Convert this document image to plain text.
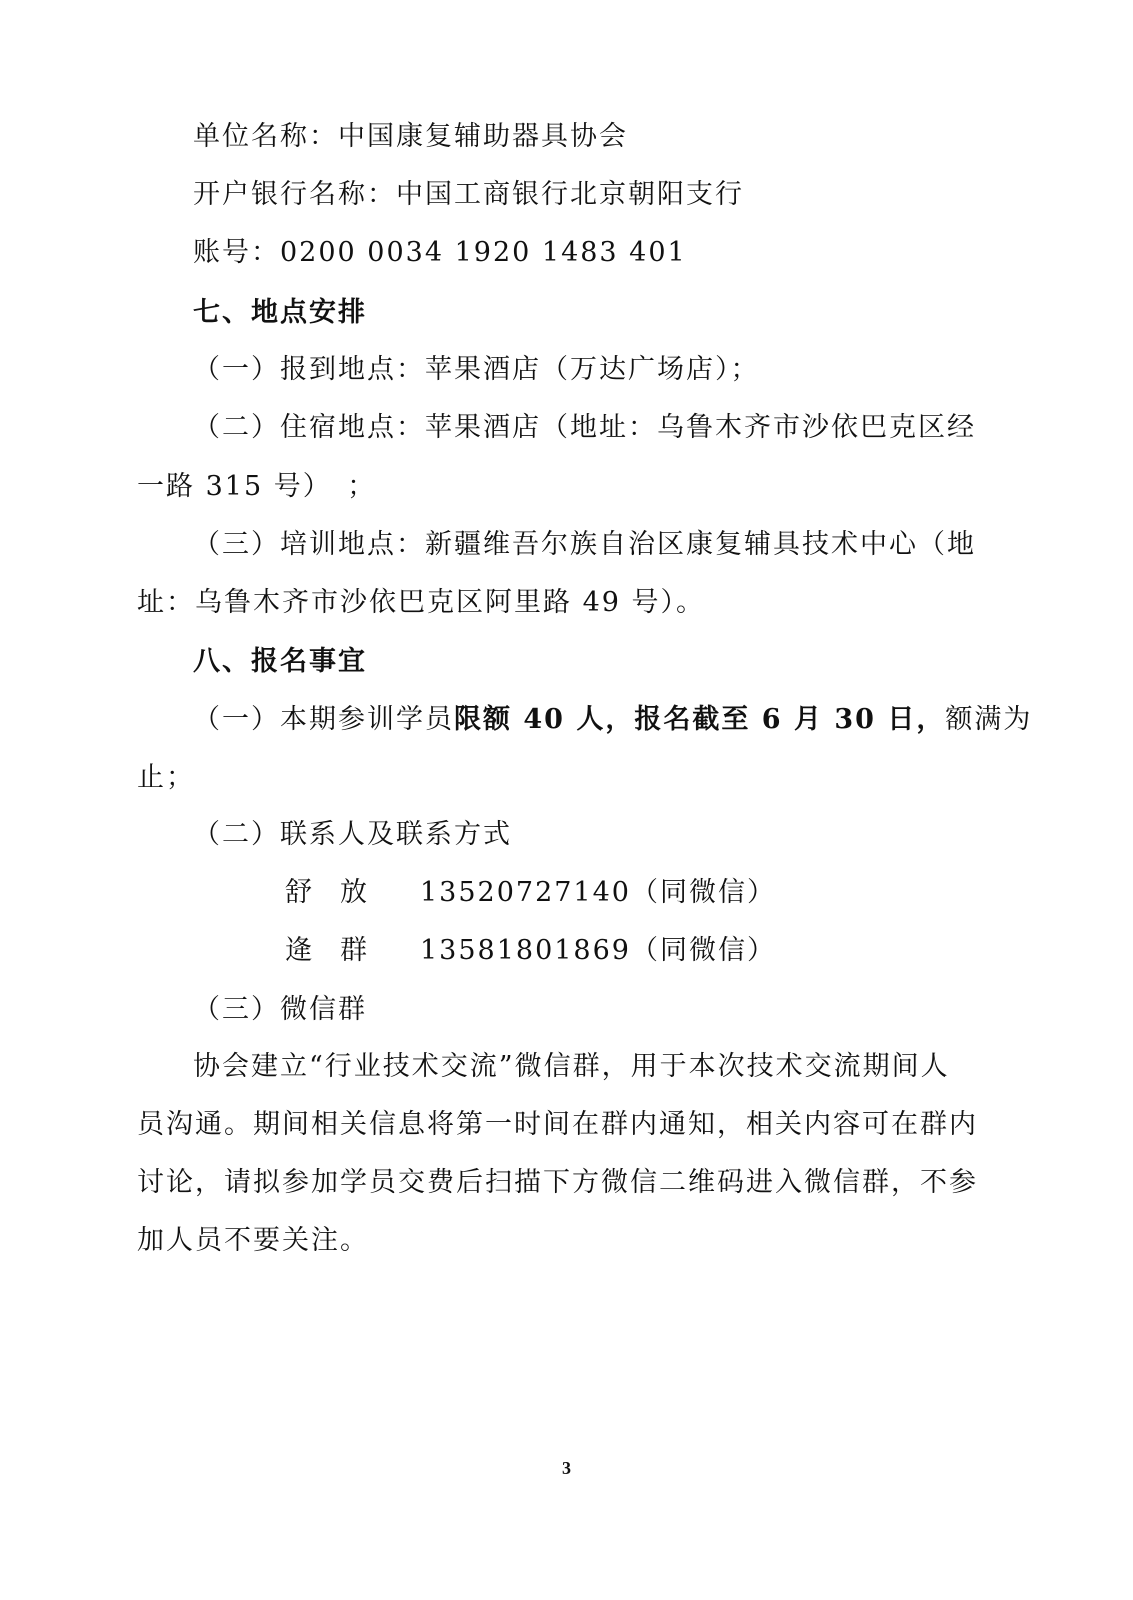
单位名称：中国康复辅助器具协会
开户银行名称：中国工商银行北京朝阳支行
账号：0200 0034 1920 1483 401
七、地点安排
（一）报到地点：苹果酒店（万达广场店）；
（二）住宿地点：苹果酒店（地址：乌鲁木齐市沙依巴克区经
一路 315 号）　；
（三）培训地点：新疆维吾尔族自治区康复辅具技术中心（地
址：乌鲁木齐市沙依巴克区阿里路 49 号）。
八、报名事宜
（一）本期参训学员限额 40 人，报名截至 6 月 30 日，额满为
止；
（二）联系人及联系方式
舒放 13520727140（同微信）
逄群 13581801869（同微信）
（三）微信群
协会建立“行业技术交流”微信群，用于本次技术交流期间人
员沟通。期间相关信息将第一时间在群内通知，相关内容可在群内
讨论，请拟参加学员交费后扫描下方微信二维码进入微信群，不参
加人员不要关注。
3
